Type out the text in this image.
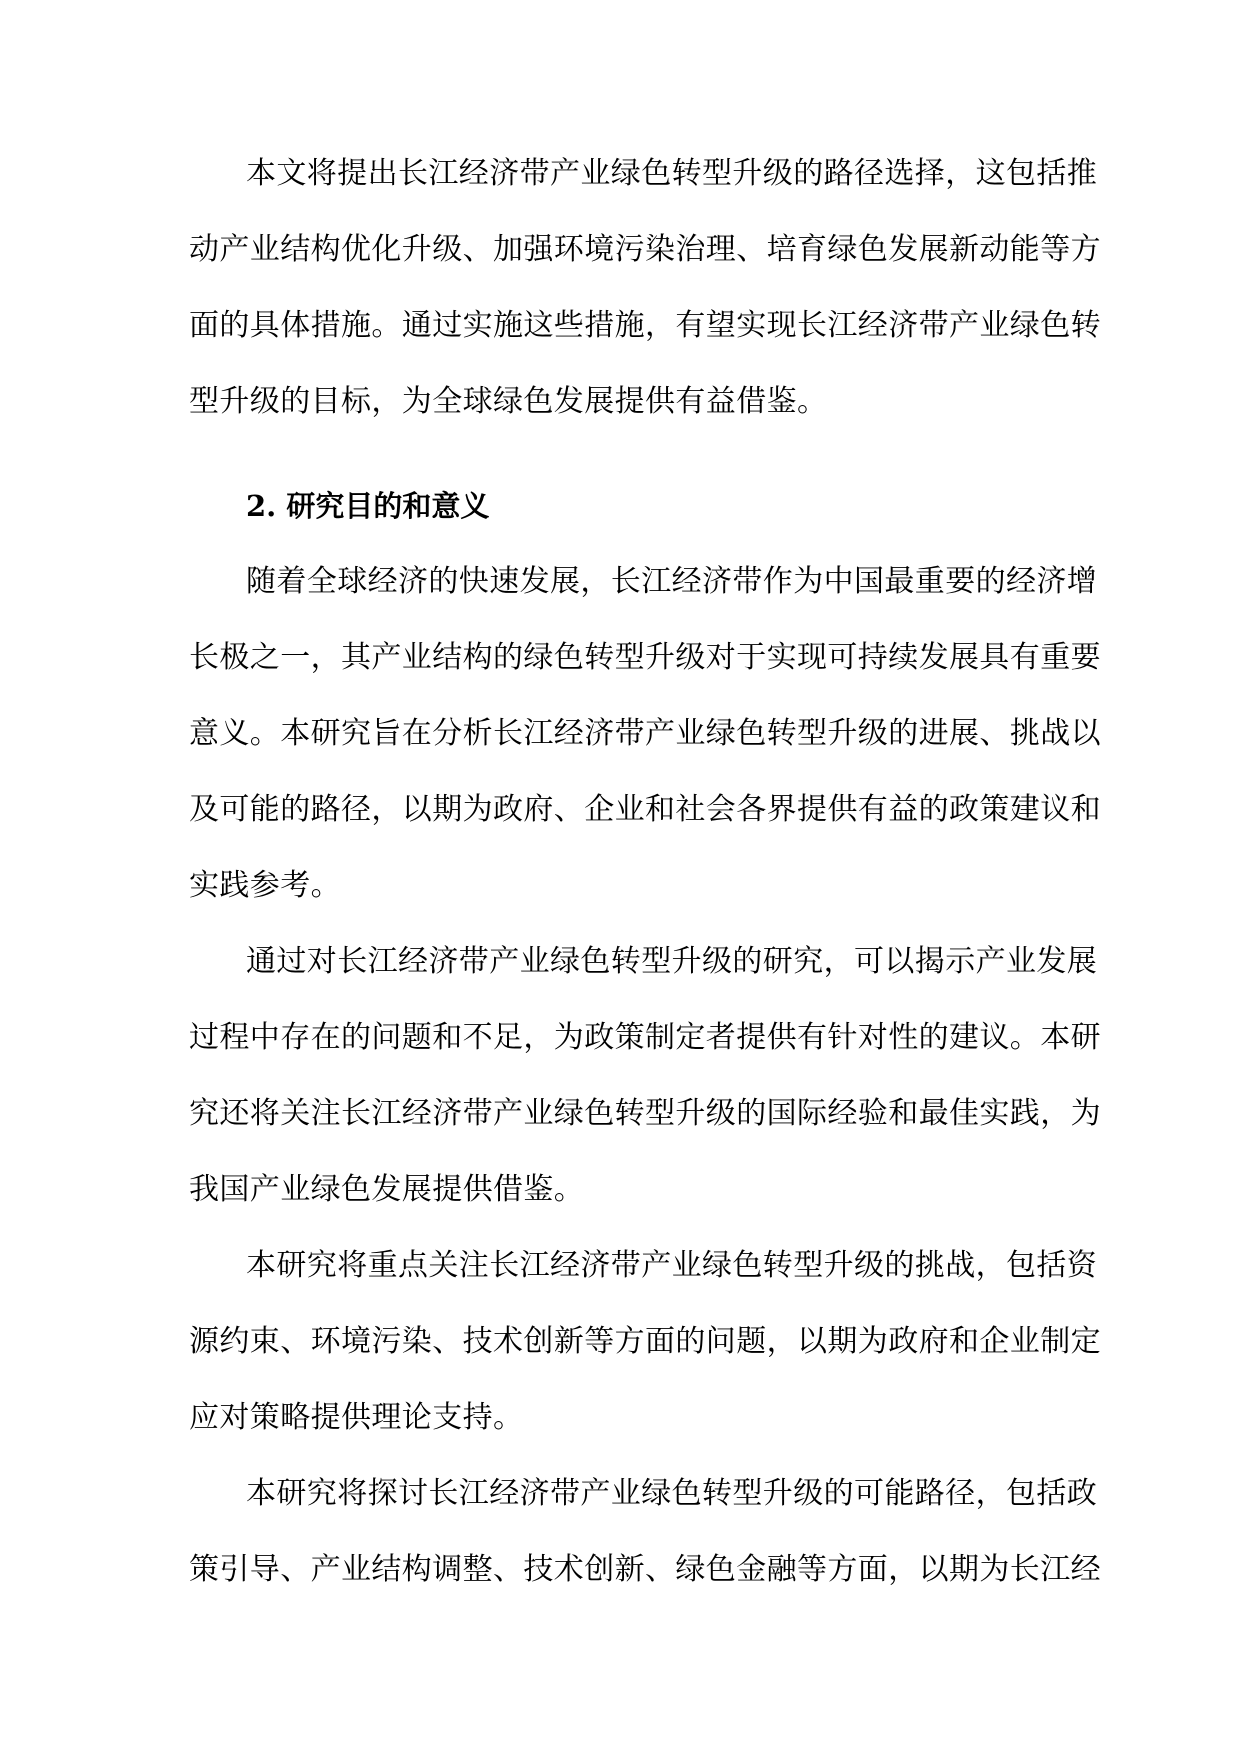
本文将提出长江经济带产业绿色转型升级的路径选择，这包括推
动产业结构优化升级、加强环境污染治理、培育绿色发展新动能等方
面的具体措施。通过实施这些措施，有望实现长江经济带产业绿色转
型升级的目标，为全球绿色发展提供有益借鉴。
2. 研究目的和意义
随着全球经济的快速发展，长江经济带作为中国最重要的经济增
长极之一，其产业结构的绿色转型升级对于实现可持续发展具有重要
意义。本研究旨在分析长江经济带产业绿色转型升级的进展、挑战以
及可能的路径，以期为政府、企业和社会各界提供有益的政策建议和
实践参考。
通过对长江经济带产业绿色转型升级的研究，可以揭示产业发展
过程中存在的问题和不足，为政策制定者提供有针对性的建议。本研
究还将关注长江经济带产业绿色转型升级的国际经验和最佳实践，为
我国产业绿色发展提供借鉴。
本研究将重点关注长江经济带产业绿色转型升级的挑战，包括资
源约束、环境污染、技术创新等方面的问题，以期为政府和企业制定
应对策略提供理论支持。
本研究将探讨长江经济带产业绿色转型升级的可能路径，包括政
策引导、产业结构调整、技术创新、绿色金融等方面，以期为长江经
